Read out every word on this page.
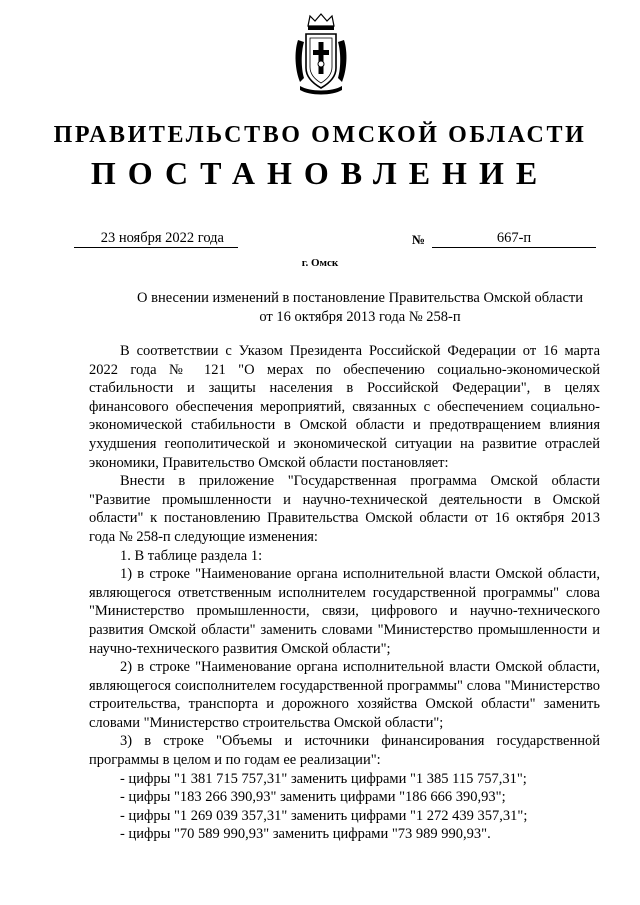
ПРАВИТЕЛЬСТВО ОМСКОЙ ОБЛАСТИ
ПОСТАНОВЛЕНИЕ
23 ноября 2022 года	№	667-п
г. Омск
О внесении изменений в постановление Правительства Омской области
от 16 октября 2013 года № 258-п

В соответствии с Указом Президента Российской Федерации от 16 марта 2022 года № 121 "О мерах по обеспечению социально-экономической стабильности и защиты населения в Российской Федерации", в целях финансового обеспечения мероприятий, связанных с обеспечением социально-экономической стабильности в Омской области и предотвращением влияния ухудшения геополитической и экономической ситуации на развитие отраслей экономики, Правительство Омской области постановляет:

Внести в приложение "Государственная программа Омской области "Развитие промышленности и научно-технической деятельности в Омской области" к постановлению Правительства Омской области от 16 октября 2013 года № 258-п следующие изменения:

1. В таблице раздела 1:

1) в строке "Наименование органа исполнительной власти Омской области, являющегося ответственным исполнителем государственной программы" слова "Министерство промышленности, связи, цифрового и научно-технического развития Омской области" заменить словами "Министерство промышленности и научно-технического развития Омской области";

2) в строке "Наименование органа исполнительной власти Омской области, являющегося соисполнителем государственной программы" слова "Министерство строительства, транспорта и дорожного хозяйства Омской области" заменить словами "Министерство строительства Омской области";

3) в строке "Объемы и источники финансирования государственной программы в целом и по годам ее реализации":

- цифры "1 381 715 757,31" заменить цифрами "1 385 115 757,31";

- цифры "183 266 390,93" заменить цифрами "186 666 390,93";

- цифры "1 269 039 357,31" заменить цифрами "1 272 439 357,31";

- цифры "70 589 990,93" заменить цифрами "73 989 990,93".
